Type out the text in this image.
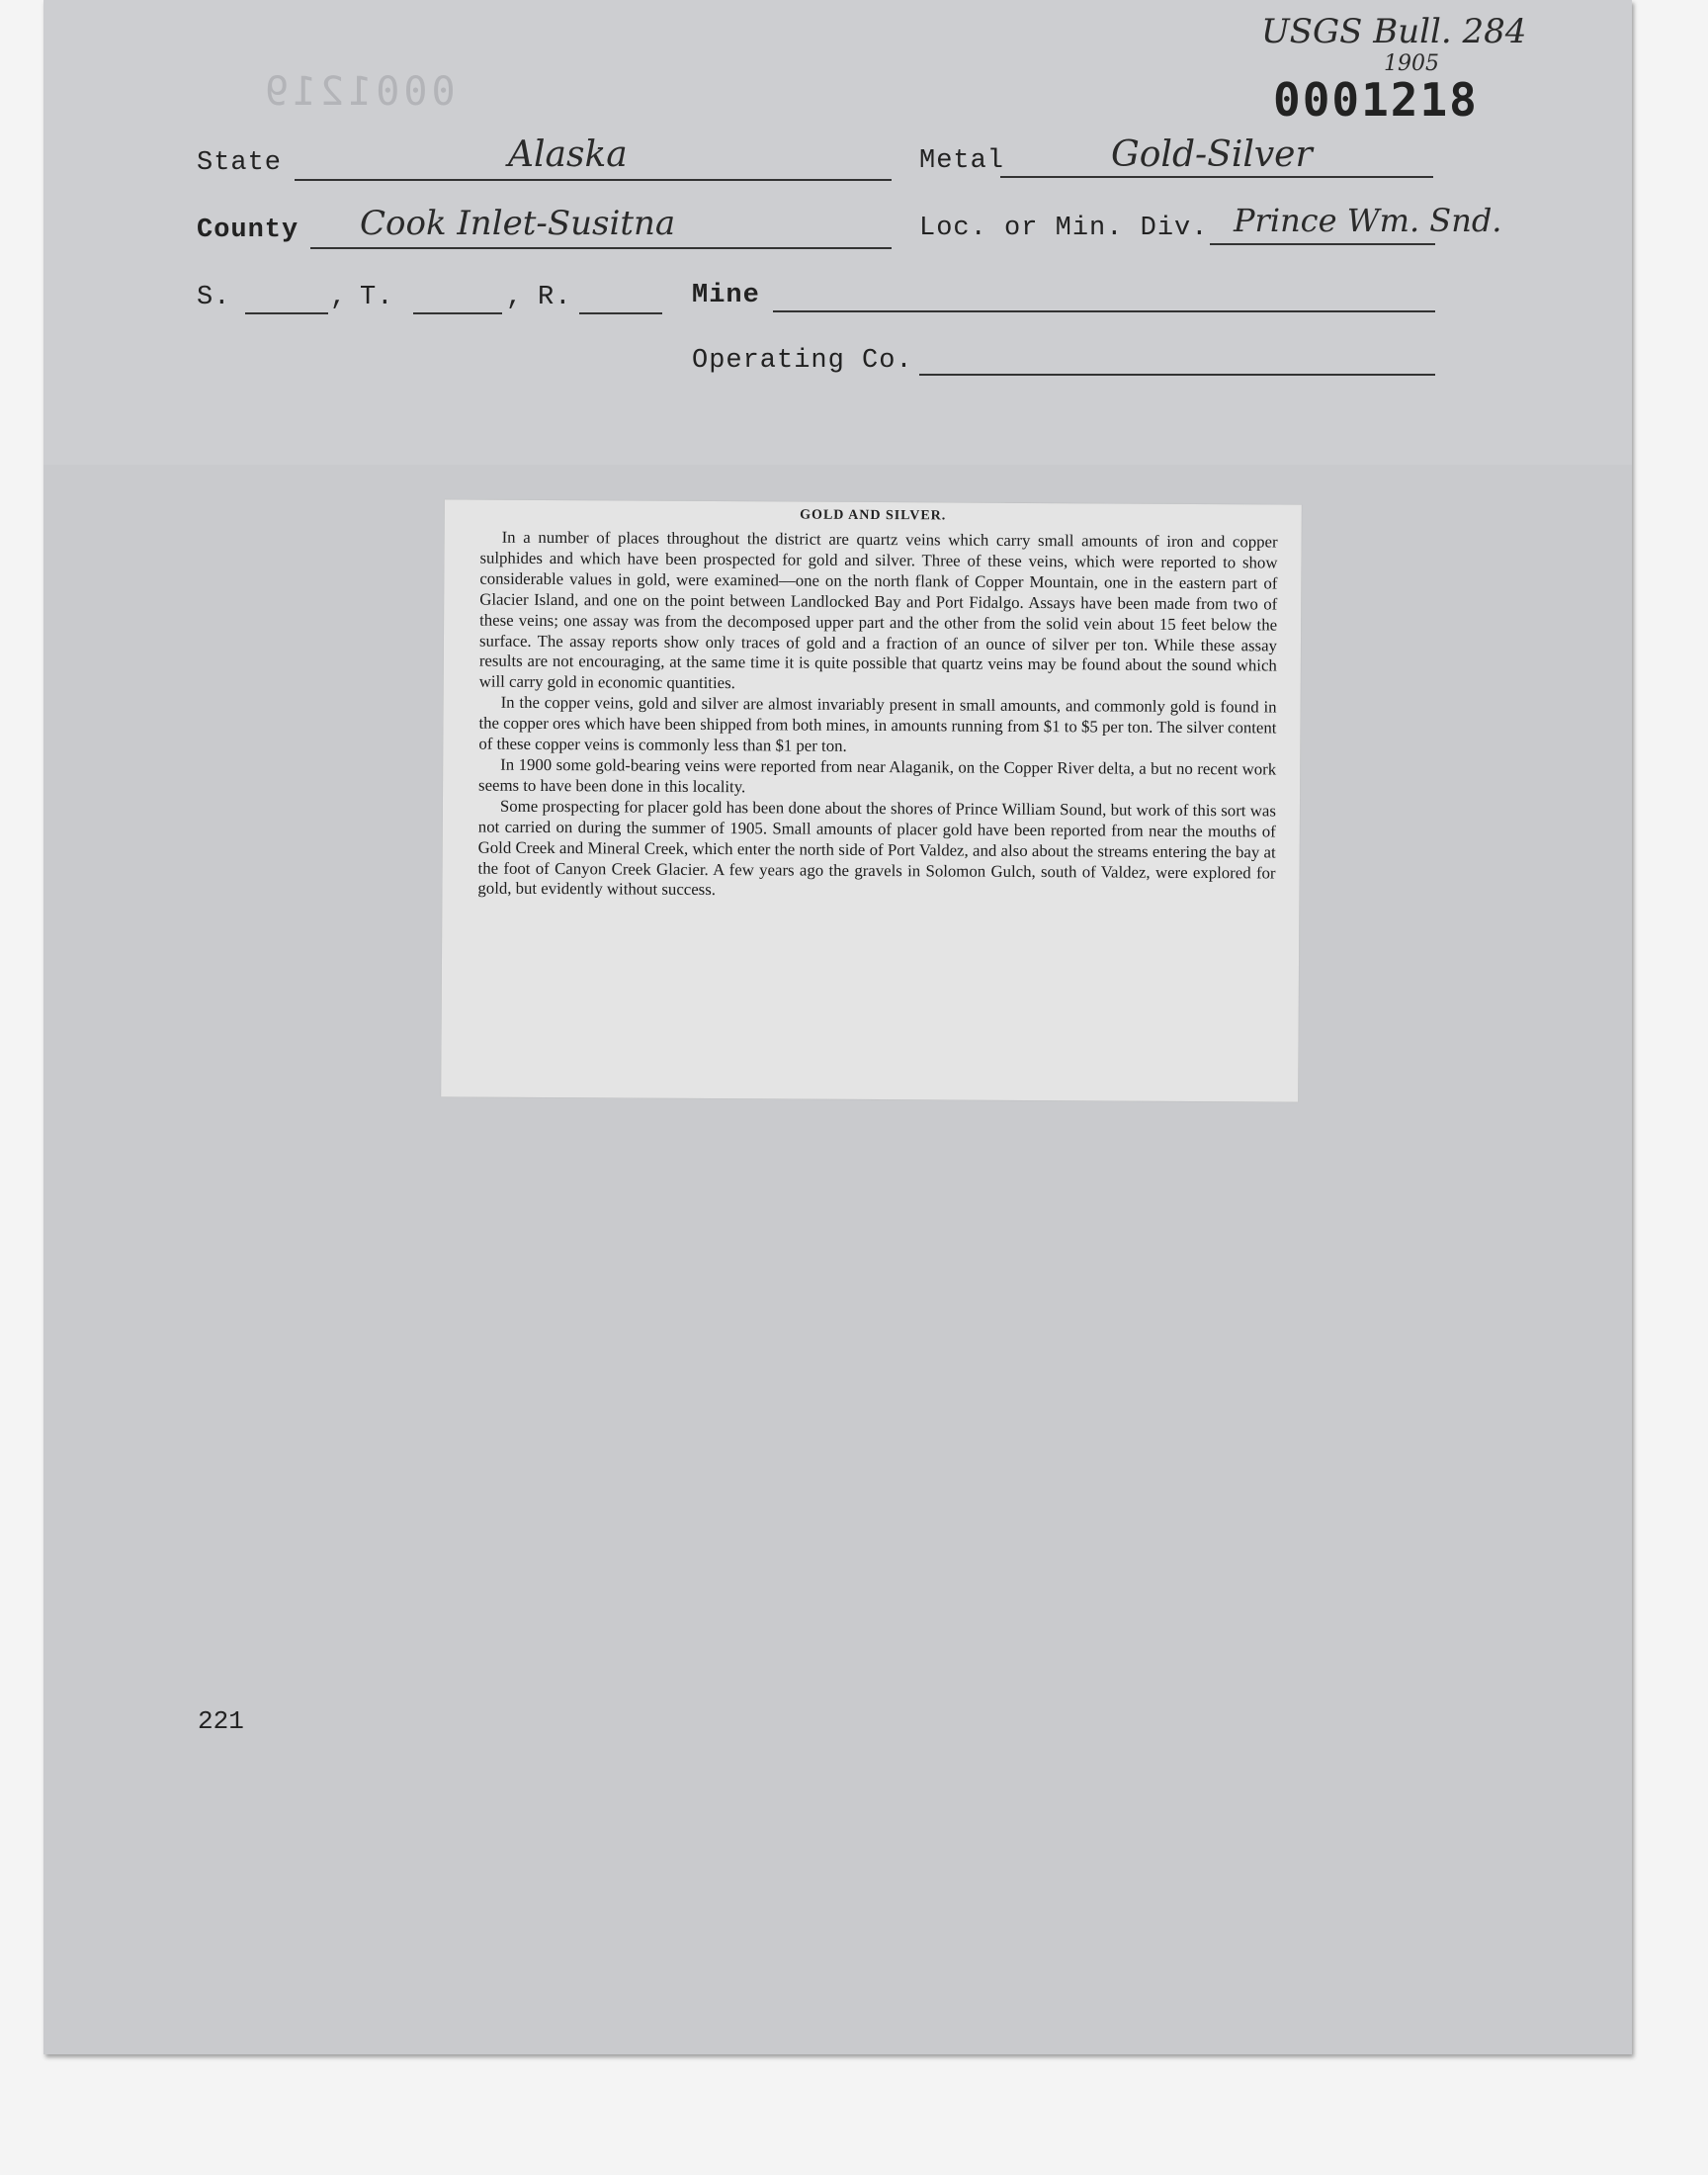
0001219
USGS Bull. 284
1905
0001218
State	Alaska	Metal	Gold-Silver
County Cook Inlet-Susitna	Loc. or Min. Div. Prince Wm. Snd.
S.	, T.	, R.	Mine
Operating Co.
GOLD AND SILVER.

In a number of places throughout the district are quartz veins which carry small amounts of iron and copper sulphides and which have been prospected for gold and silver. Three of these veins, which were reported to show considerable values in gold, were examined—one on the north flank of Copper Mountain, one in the eastern part of Glacier Island, and one on the point between Landlocked Bay and Port Fidalgo. Assays have been made from two of these veins; one assay was from the decomposed upper part and the other from the solid vein about 15 feet below the surface. The assay reports show only traces of gold and a fraction of an ounce of silver per ton. While these assay results are not encouraging, at the same time it is quite possible that quartz veins may be found about the sound which will carry gold in economic quantities.

In the copper veins, gold and silver are almost invariably present in small amounts, and commonly gold is found in the copper ores which have been shipped from both mines, in amounts running from $1 to $5 per ton. The silver content of these copper veins is commonly less than $1 per ton.

In 1900 some gold-bearing veins were reported from near Alaganik, on the Copper River delta, a but no recent work seems to have been done in this locality.

Some prospecting for placer gold has been done about the shores of Prince William Sound, but work of this sort was not carried on during the summer of 1905. Small amounts of placer gold have been reported from near the mouths of Gold Creek and Mineral Creek, which enter the north side of Port Valdez, and also about the streams entering the bay at the foot of Canyon Creek Glacier. A few years ago the gravels in Solomon Gulch, south of Valdez, were explored for gold, but evidently without success.

221
